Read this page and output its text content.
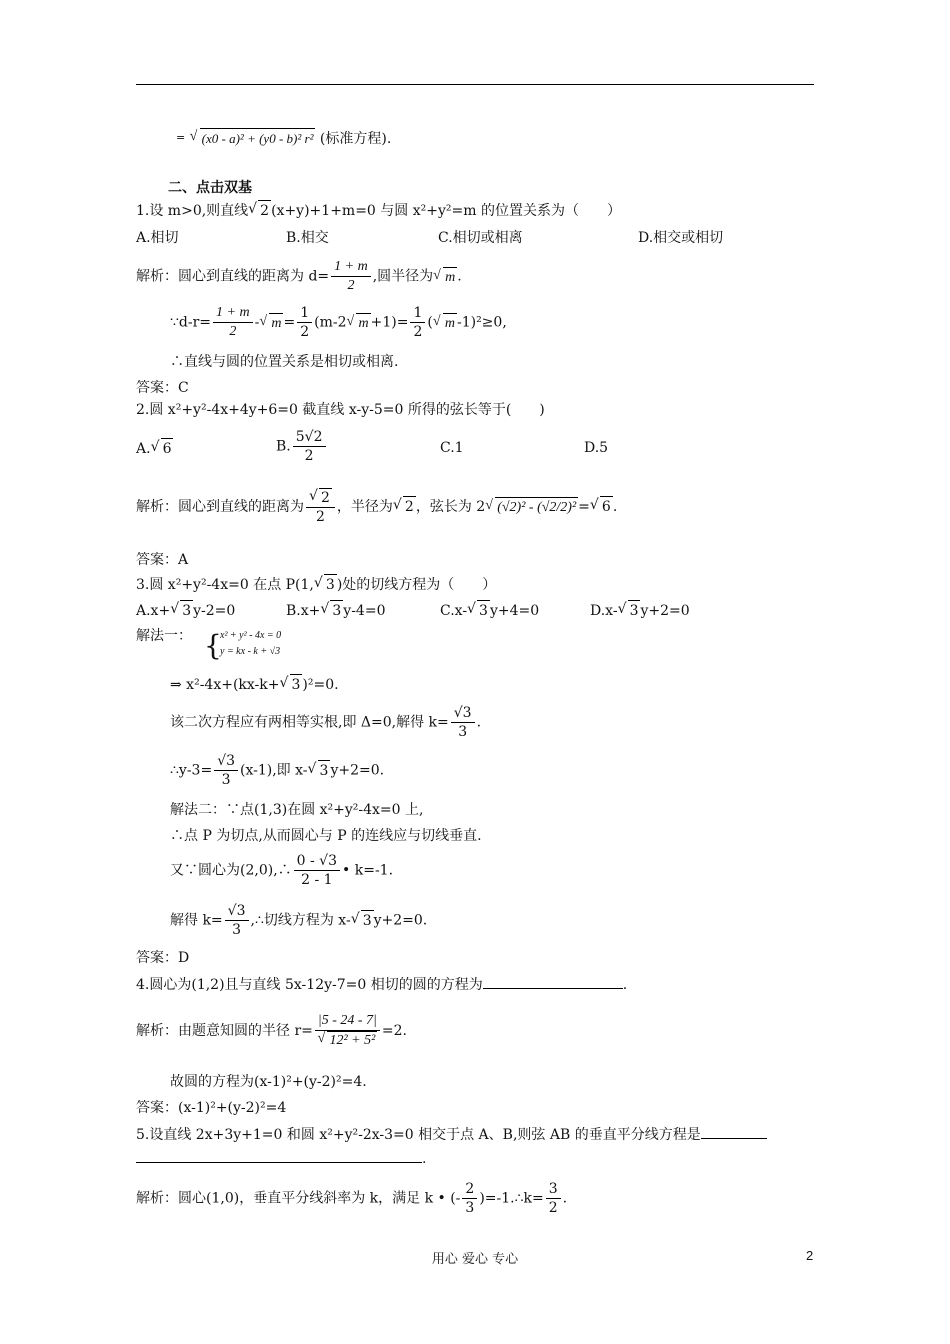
= √ (x0 - a)² + (y0 - b)² r² (标准方程).
二、点击双基
1.设 m>0,则直线√ 2 (x+y)+1+m=0 与圆 x²+y²=m 的位置关系为（　　）
A.相切	B.相交	C.相切或相离	D.相交或相切
解析：圆心到直线的距离为 $d= \frac{1 + m}{2}$ ,圆半径为√ m .
∵d-r= $\frac{1 + m}{2}$ -√ $m = \frac{1}{2} (m-2√$ $m +1)= \frac{1}{2}$ (√ m -1)²≥0,
∴直线与圆的位置关系是相切或相离.
答案：C
2.圆 x²+y²-4x+4y+6=0 截直线 x-y-5=0 所得的弦长等于(　　)
A.√ 6	B. $\frac{5√2}{2}$	C.1	D.5
解析：圆心到直线的距离为
√ $\frac{2}{2}$ ，半径为√ 2 ，弦长为 2√ (√2)² - (√2/2)² =√ 6 .
答案：A
3.圆 x²+y²-4x=0 在点 P(1,√ 3 )处的切线方程为（　　）
A.x+√ 3 y-2=0	B.x+√ 3 y-4=0	C.x-√ 3 y+4=0	D.x-√ 3 y+2=0
解法一： {
x² + y² - 4x = 0
y = kx - k + √3
⇒ x²-4x+(kx-k+√ 3 )²=0.
该二次方程应有两相等实根,即 Δ=0,解得 $k= \frac{√3}{3}$ .
∴y-3= $\frac{√3}{3} (x-1)$,即 x-√ 3 y+2=0.
解法二：∵点(1,3)在圆 x²+y²-4x=0 上,
∴点 P 为切点,从而圆心与 P 的连线应与切线垂直.
又∵圆心为(2,0),∴ $\frac{0 - √3}{2 - 1}$ • k=-1.
解得 $k= \frac{√3}{3}$ ,∴切线方程为 x-√ 3 y+2=0.
答案：D
4.圆心为(1,2)且与直线 5x-12y-7=0 相切的圆的方程为	.
解析：由题意知圆的半径 r= |5 - 24 - 7|
√ 12² + 5² =2.
故圆的方程为(x-1)²+(y-2)²=4.
答案：(x-1)²+(y-2)²=4
5.设直线 2x+3y+1=0 和圆 x²+y²-2x-3=0 相交于点 A、B,则弦 AB 的垂直平分线方程是
.
解析：圆心(1,0)，垂直平分线斜率为 k，满足 k • (- $\frac{2}{3}$ )=-1.∴k= $\frac{3}{2}$ .
用心 爱心 专心	2
